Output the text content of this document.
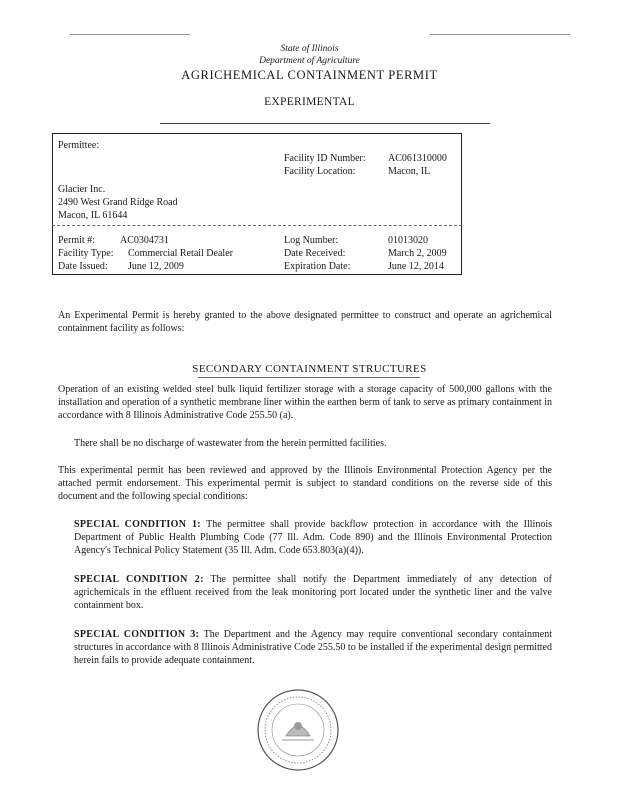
State of Illinois
Department of Agriculture
AGRICHEMICAL CONTAINMENT PERMIT
EXPERIMENTAL
Permittee:
Facility ID Number: AC061310000
Facility Location:	Macon, IL
Glacier Inc.
2490 West Grand Ridge Road
Macon, IL 61644
Permit #:	AC0304731	Log Number:	01013020
Facility Type: Commercial Retail Dealer	Date Received:	March 2, 2009
Date Issued: June 12, 2009	Expiration Date:	June 12, 2014
An Experimental Permit is hereby granted to the above designated permittee to construct and operate an agrichemical containment facility as follows:
SECONDARY CONTAINMENT STRUCTURES
Operation of an existing welded steel bulk liquid fertilizer storage with a storage capacity of 500,000 gallons with the installation and operation of a synthetic membrane liner within the earthen berm of tank to serve as primary containment in accordance with 8 Illinois Administrative Code 255.50 (a).
There shall be no discharge of wastewater from the herein permitted facilities.
This experimental permit has been reviewed and approved by the Illinois Environmental Protection Agency per the attached permit endorsement. This experimental permit is subject to standard conditions on the reverse side of this document and the following special conditions:
SPECIAL CONDITION 1: The permittee shall provide backflow protection in accordance with the Illinois Department of Public Health Plumbing Code (77 Ill. Adm. Code 890) and the Illinois Environmental Protection Agency's Technical Policy Statement (35 Ill. Adm. Code 653.803(a)(4)).
SPECIAL CONDITION 2: The permittee shall notify the Department immediately of any detection of agrichemicals in the effluent received from the leak monitoring port located under the synthetic liner and the valve containment box.
SPECIAL CONDITION 3: The Department and the Agency may require conventional secondary containment structures in accordance with 8 Illinois Administrative Code 255.50 to be installed if the experimental design permitted herein fails to provide adequate containment.
